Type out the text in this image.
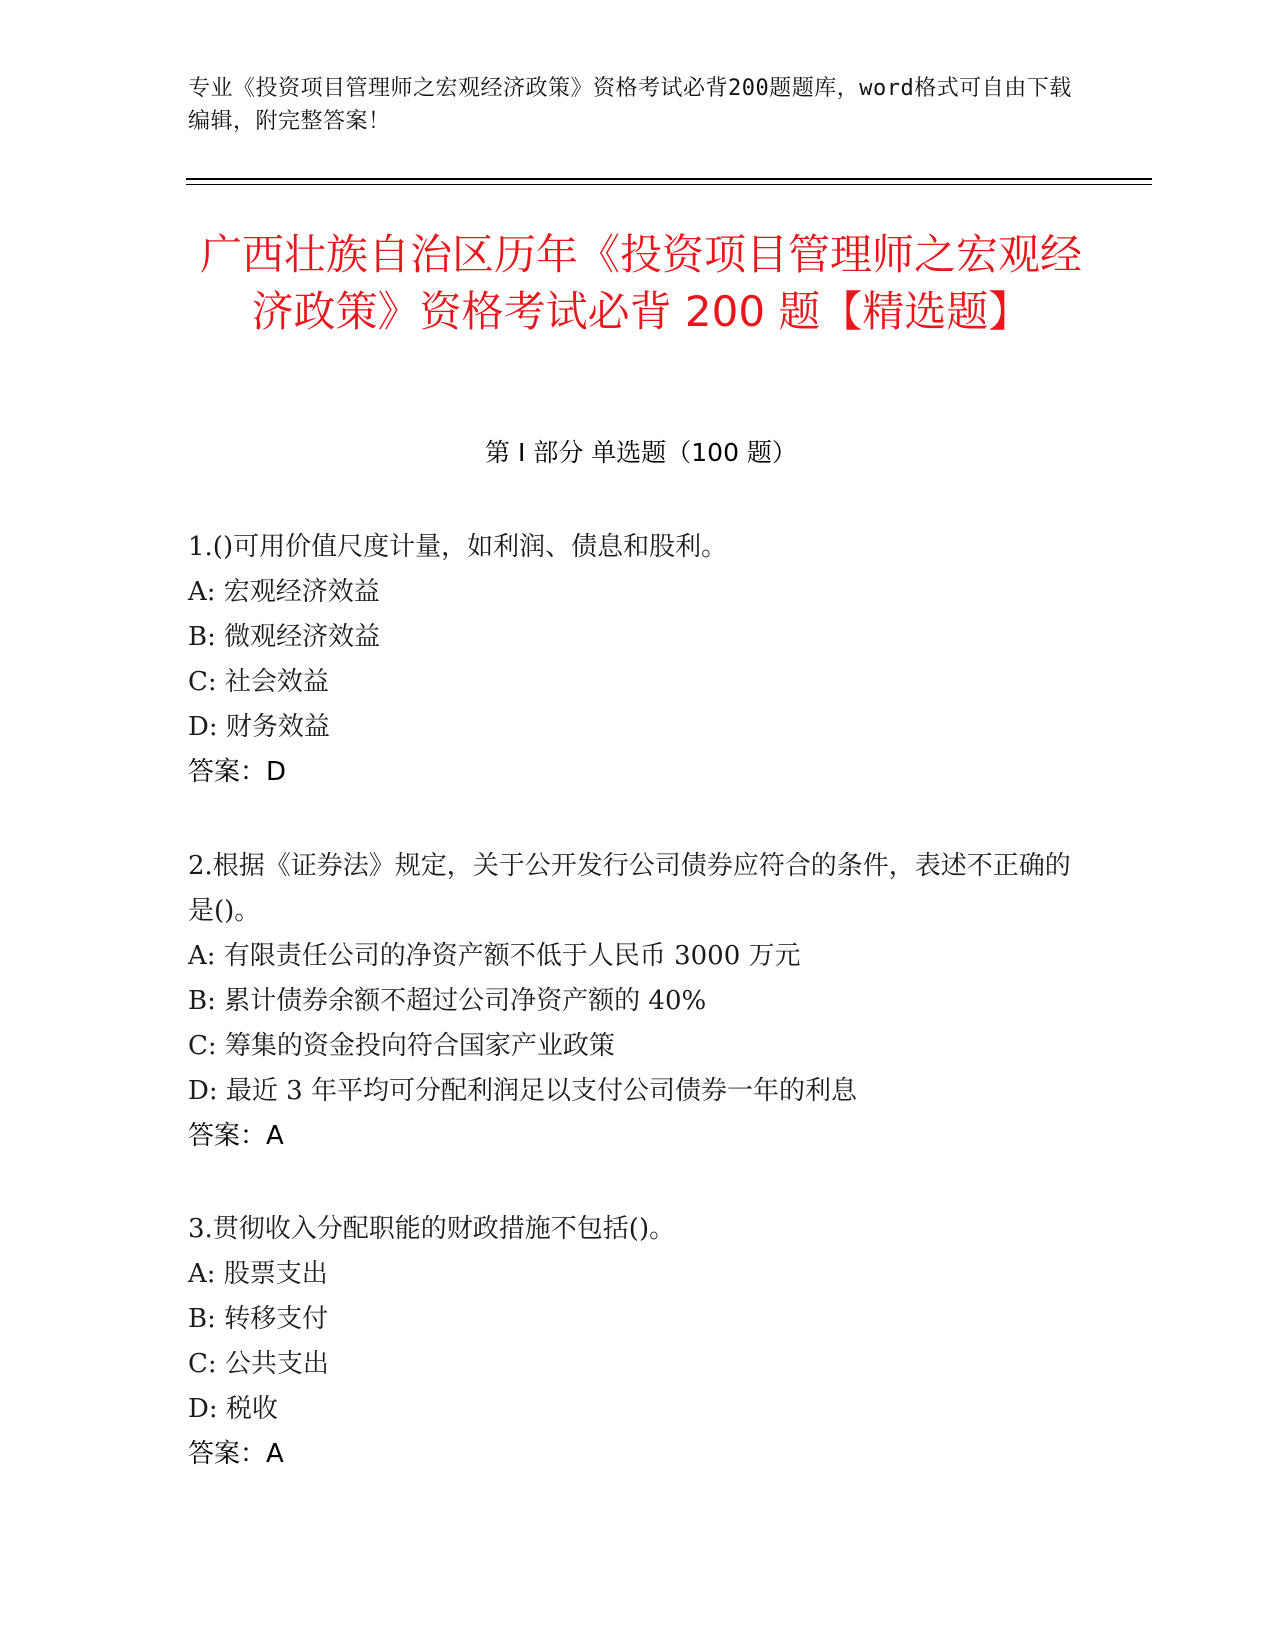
专业《投资项目管理师之宏观经济政策》资格考试必背200题题库，word格式可自由下载编辑，附完整答案！
广西壮族自治区历年《投资项目管理师之宏观经济政策》资格考试必背 200 题【精选题】
第 I 部分 单选题（100 题）
1.()可用价值尺度计量，如利润、债息和股利。
A: 宏观经济效益
B: 微观经济效益
C: 社会效益
D: 财务效益
答案：D
2.根据《证券法》规定，关于公开发行公司债券应符合的条件，表述不正确的是()。
A: 有限责任公司的净资产额不低于人民币 3000 万元
B: 累计债券余额不超过公司净资产额的 40%
C: 筹集的资金投向符合国家产业政策
D: 最近 3 年平均可分配利润足以支付公司债券一年的利息
答案：A
3.贯彻收入分配职能的财政措施不包括()。
A: 股票支出
B: 转移支付
C: 公共支出
D: 税收
答案：A
